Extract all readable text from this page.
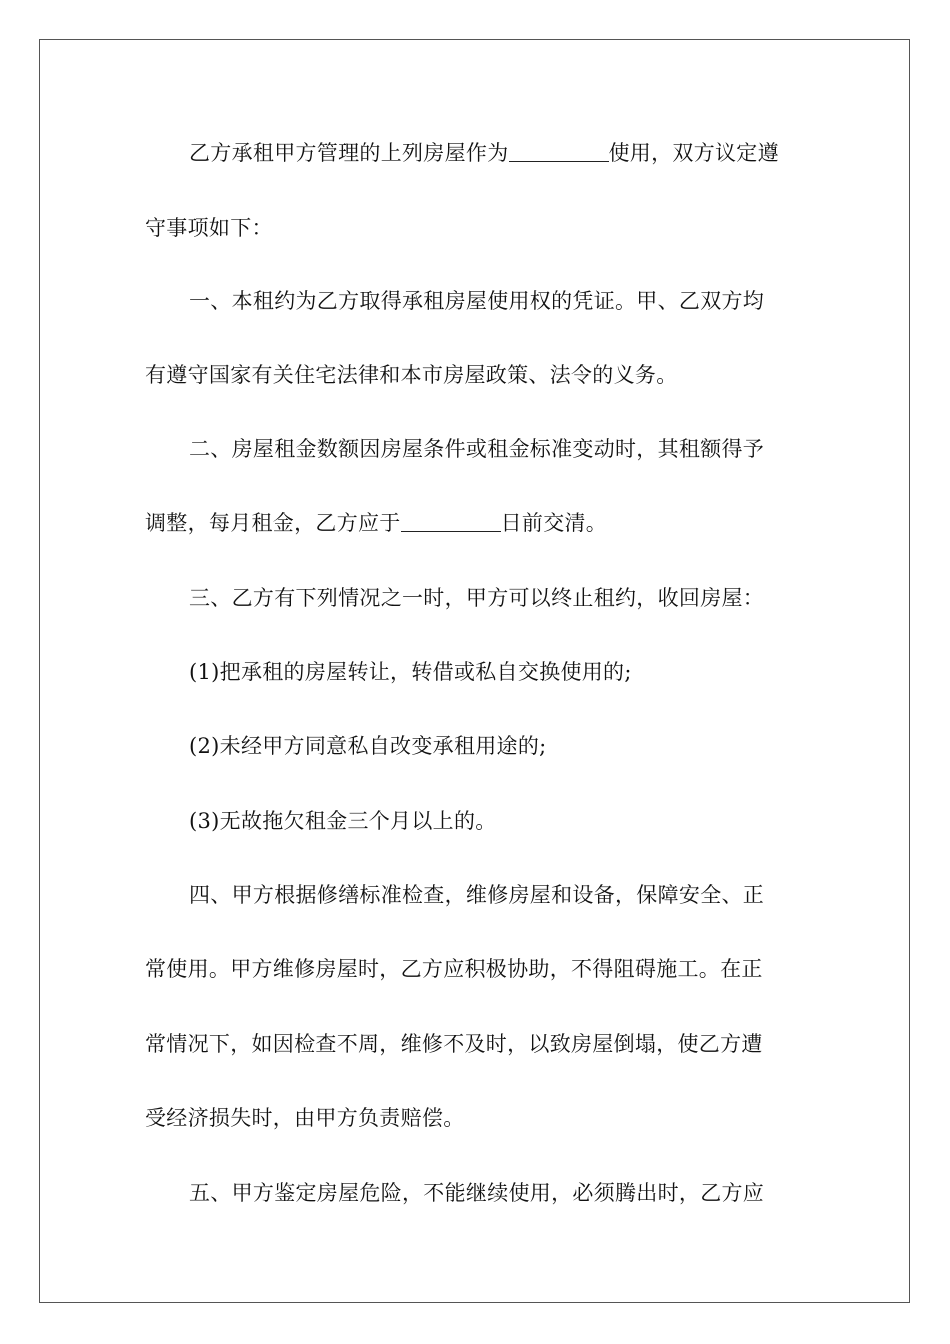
乙方承租甲方管理的上列房屋作为	使用，双方议定遵
守事项如下：
一、本租约为乙方取得承租房屋使用权的凭证。甲、乙双方均
有遵守国家有关住宅法律和本市房屋政策、法令的义务。
二、房屋租金数额因房屋条件或租金标准变动时，其租额得予
调整，每月租金，乙方应于	日前交清。
三、乙方有下列情况之一时，甲方可以终止租约，收回房屋：
(1)把承租的房屋转让，转借或私自交换使用的;
(2)未经甲方同意私自改变承租用途的;
(3)无故拖欠租金三个月以上的。
四、甲方根据修缮标准检查，维修房屋和设备，保障安全、正
常使用。甲方维修房屋时，乙方应积极协助，不得阻碍施工。在正
常情况下，如因检查不周，维修不及时，以致房屋倒塌，使乙方遭
受经济损失时，由甲方负责赔偿。
五、甲方鉴定房屋危险，不能继续使用，必须腾出时，乙方应
